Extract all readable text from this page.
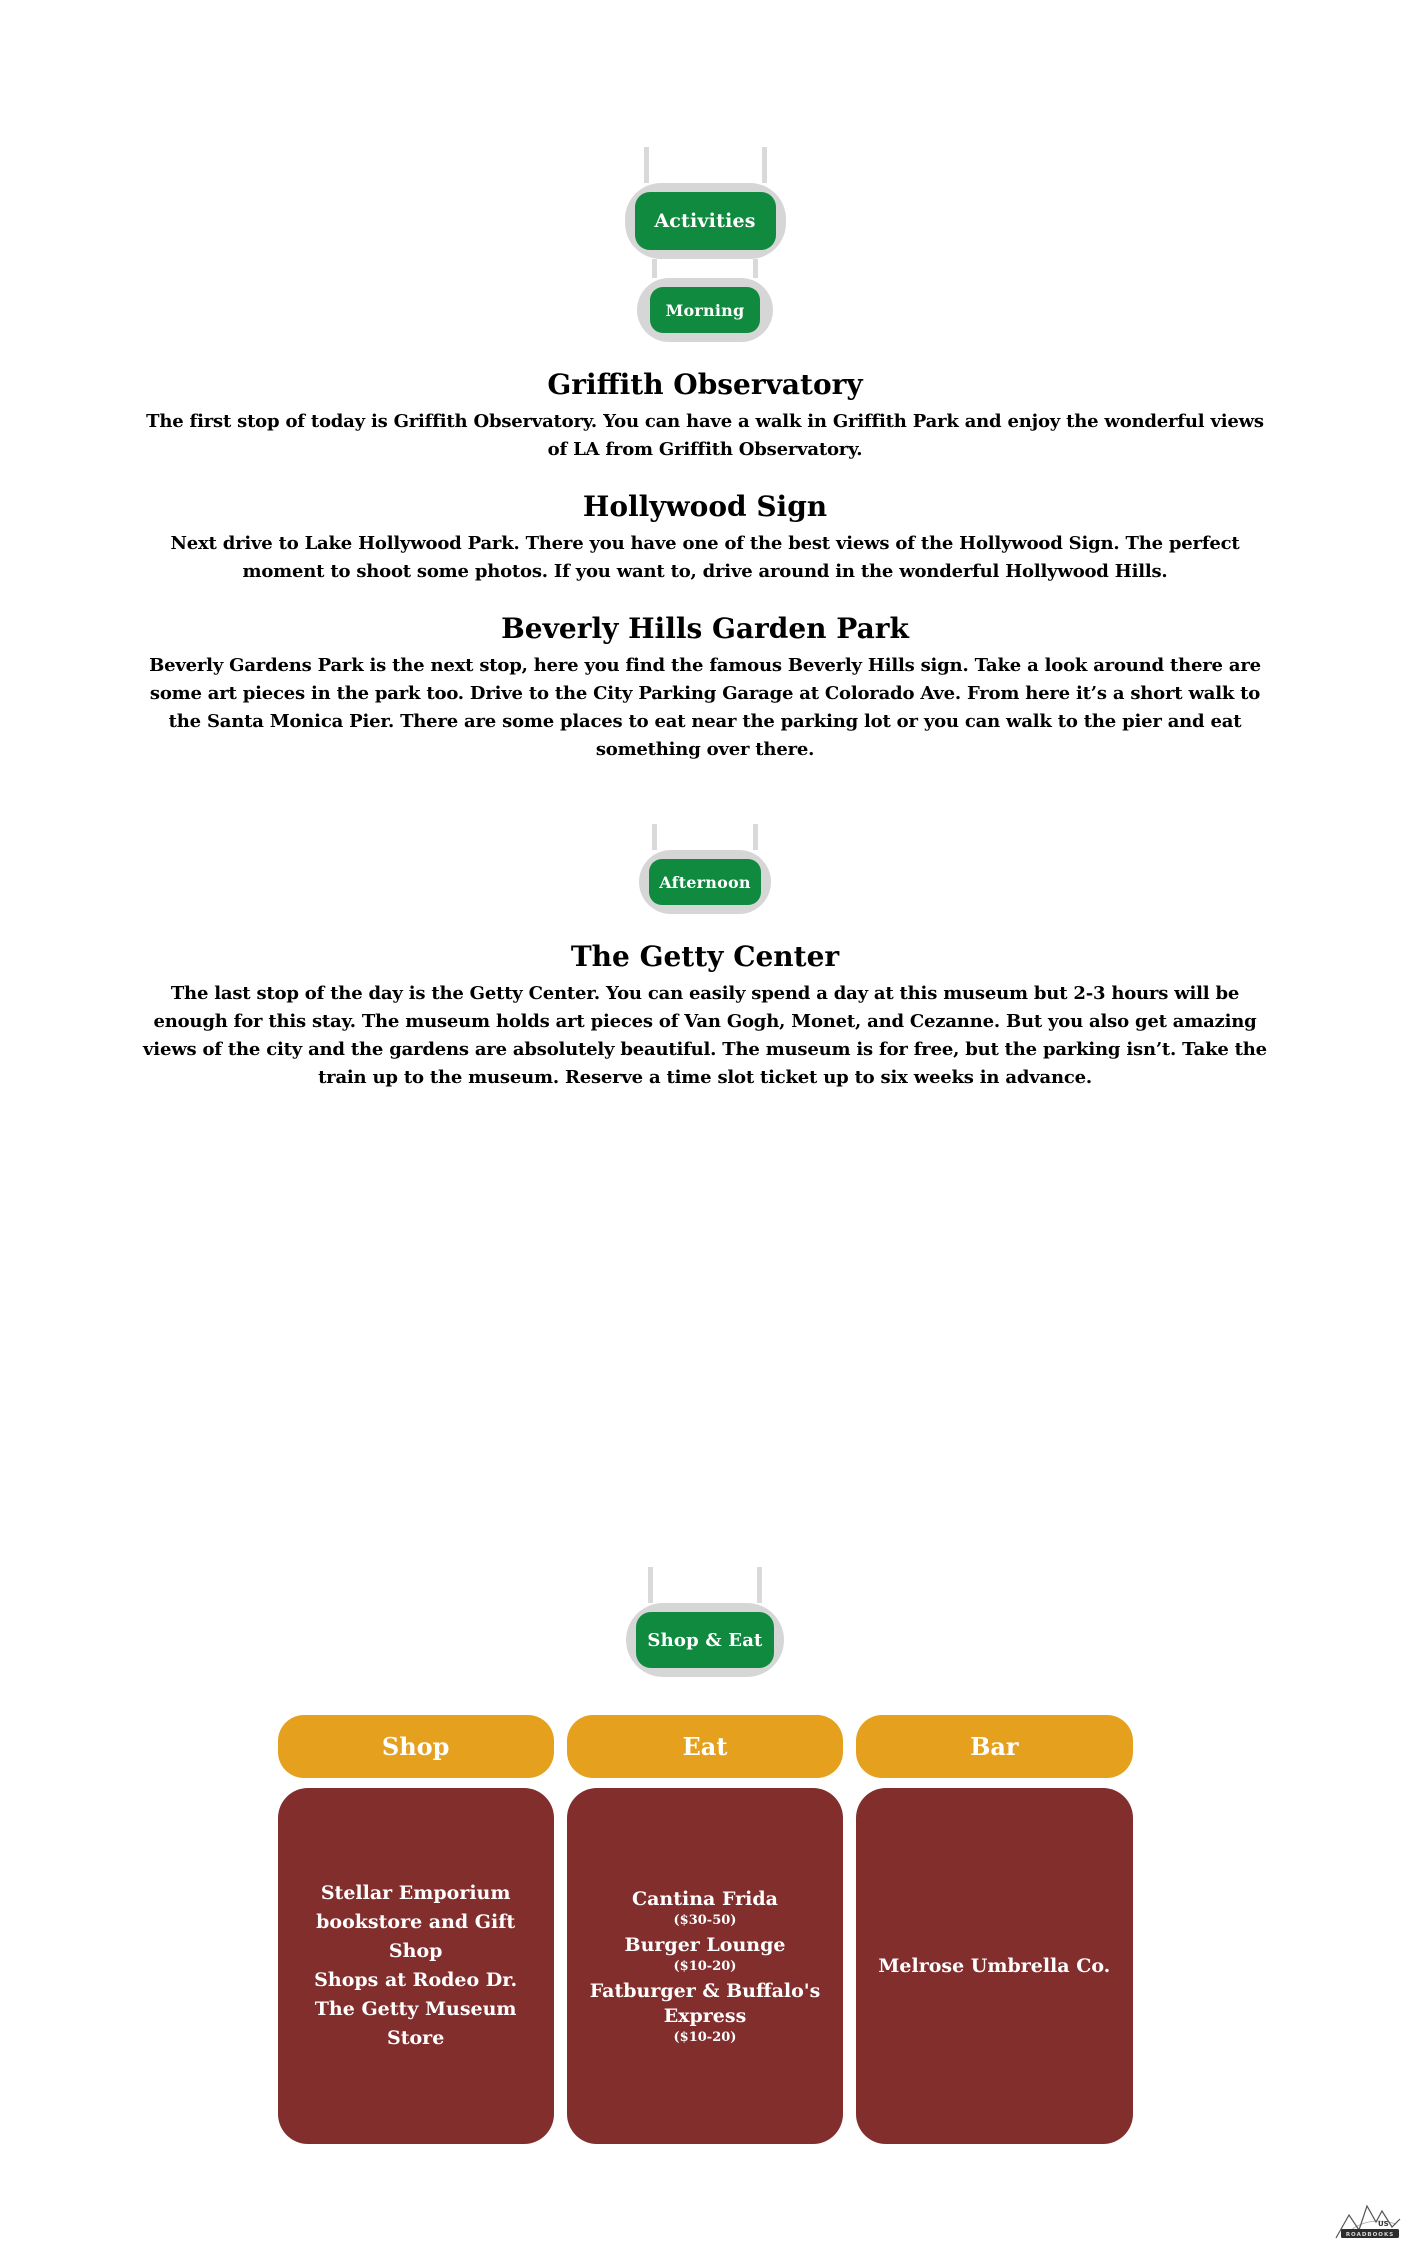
Activities
Morning
Griffith Observatory

The first stop of today is Griffith Observatory. You can have a walk in Griffith Park and enjoy the wonderful views of LA from Griffith Observatory.

Hollywood Sign

Next drive to Lake Hollywood Park. There you have one of the best views of the Hollywood Sign. The perfect moment to shoot some photos. If you want to, drive around in the wonderful Hollywood Hills.

Beverly Hills Garden Park

Beverly Gardens Park is the next stop, here you find the famous Beverly Hills sign. Take a look around there are some art pieces in the park too. Drive to the City Parking Garage at Colorado Ave. From here it’s a short walk to the Santa Monica Pier. There are some places to eat near the parking lot or you can walk to the pier and eat something over there.

Afternoon
The Getty Center

The last stop of the day is the Getty Center. You can easily spend a day at this museum but 2-3 hours will be enough for this stay. The museum holds art pieces of Van Gogh, Monet, and Cezanne. But you also get amazing views of the city and the gardens are absolutely beautiful. The museum is for free, but the parking isn’t. Take the train up to the museum. Reserve a time slot ticket up to six weeks in advance.

Shop & Eat
Shop
Stellar Emporium
bookstore and Gift Shop
Shops at Rodeo Dr.
The Getty Museum Store
Eat
Cantina Frida
($30-50)
Burger Lounge
($10-20)
Fatburger & Buffalo's Express
($10-20)
Bar
Melrose Umbrella Co.
US
ROADBOOKS
